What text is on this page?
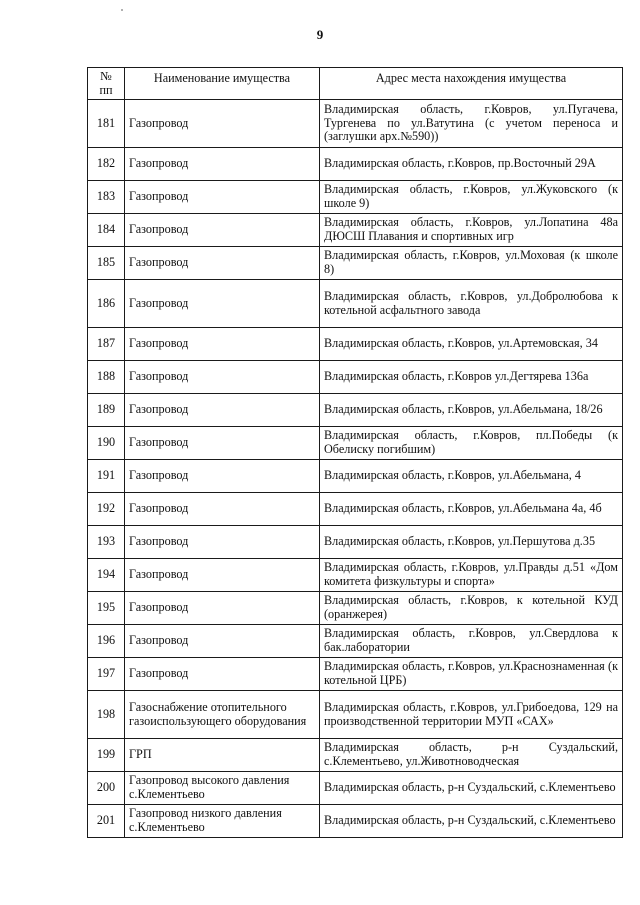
9
№
пп	Наименование имущества	Адрес места нахождения имущества
181	Газопровод	Владимирская область, г.Ковров, ул.Пугачева, Тургенева по ул.Ватутина (с учетом переноса и (заглушки арх.№590))
182	Газопровод	Владимирская область, г.Ковров, пр.Восточный 29А
183	Газопровод	Владимирская область, г.Ковров, ул.Жуковского (к школе 9)
184	Газопровод	Владимирская область, г.Ковров, ул.Лопатина 48а ДЮСШ Плавания и спортивных игр
185	Газопровод	Владимирская область, г.Ковров, ул.Моховая (к школе 8)
186	Газопровод	Владимирская область, г.Ковров, ул.Добролюбова к котельной асфальтного завода
187	Газопровод	Владимирская область, г.Ковров, ул.Артемовская, 34
188	Газопровод	Владимирская область, г.Ковров ул.Дегтярева 136а
189	Газопровод	Владимирская область, г.Ковров, ул.Абельмана, 18/26
190	Газопровод	Владимирская область, г.Ковров, пл.Победы (к Обелиску погибшим)
191	Газопровод	Владимирская область, г.Ковров, ул.Абельмана, 4
192	Газопровод	Владимирская область, г.Ковров, ул.Абельмана 4а, 4б
193	Газопровод	Владимирская область, г.Ковров, ул.Першутова д.35
194	Газопровод	Владимирская область, г.Ковров, ул.Правды д.51 «Дом комитета физкультуры и спорта»
195	Газопровод	Владимирская область, г.Ковров, к котельной КУД (оранжерея)
196	Газопровод	Владимирская область, г.Ковров, ул.Свердлова к бак.лаборатории
197	Газопровод	Владимирская область, г.Ковров, ул.Краснознаменная (к котельной ЦРБ)
198	Газоснабжение отопительного газоиспользующего оборудования	Владимирская область, г.Ковров, ул.Грибоедова, 129 на производственной территории МУП «САХ»
199	ГРП	Владимирская область, р-н Суздальский, с.Клементьево, ул.Животноводческая
200	Газопровод высокого давления с.Клементьево	Владимирская область, р-н Суздальский, с.Клементьево
201	Газопровод низкого давления с.Клементьево	Владимирская область, р-н Суздальский, с.Клементьево
